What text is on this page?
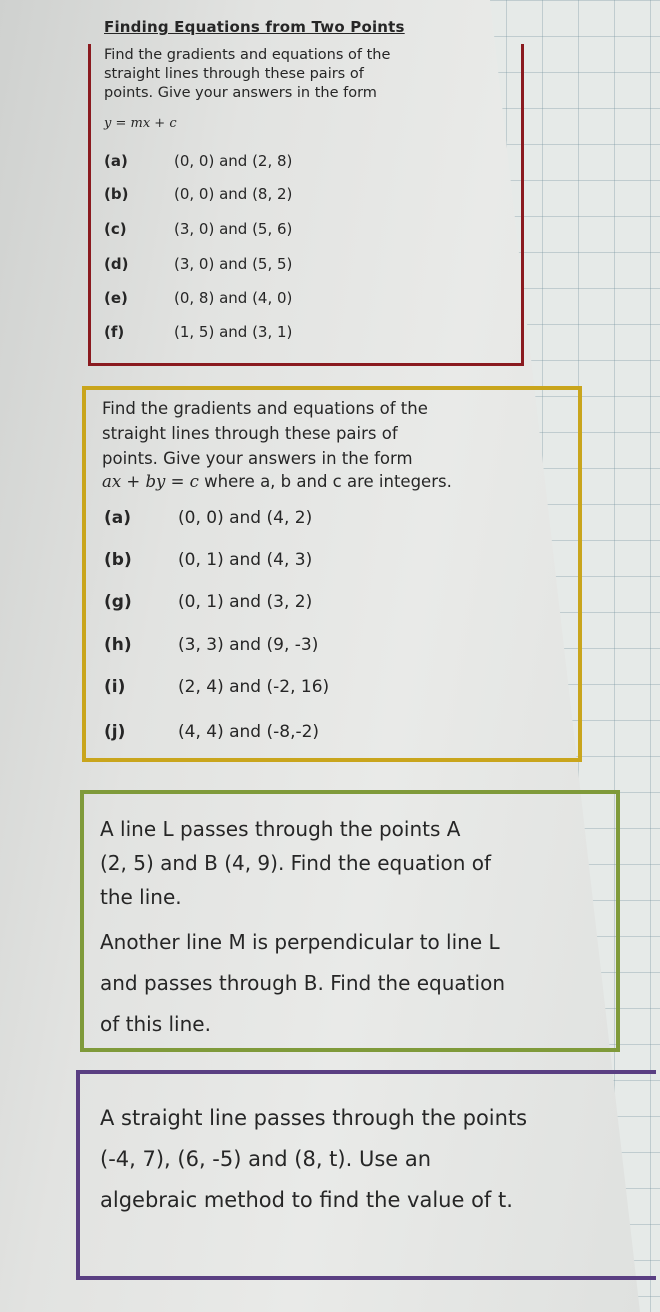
Finding Equations from Two Points
Find the gradients and equations of the
straight lines through these pairs of
points. Give your answers in the form
y = mx + c
(a)	(0, 0) and (2, 8)
(b)	(0, 0) and (8, 2)
(c)	(3, 0) and (5, 6)
(d)	(3, 0) and (5, 5)
(e)	(0, 8) and (4, 0)
(f)	(1, 5) and (3, 1)
Find the gradients and equations of the
straight lines through these pairs of
points. Give your answers in the form
ax + by = c where a, b and c are integers.
(a)	(0, 0) and (4, 2)
(b)	(0, 1) and (4, 3)
(g)	(0, 1) and (3, 2)
(h)	(3, 3) and (9, -3)
(i)	(2, 4) and (-2, 16)
(j)	(4, 4) and (-8,-2)
A line L passes through the points A
(2, 5) and B (4, 9). Find the equation of
the line.
Another line M is perpendicular to line L
and passes through B. Find the equation
of this line.
A straight line passes through the points
(-4, 7), (6, -5) and (8, t). Use an
algebraic method to find the value of t.
